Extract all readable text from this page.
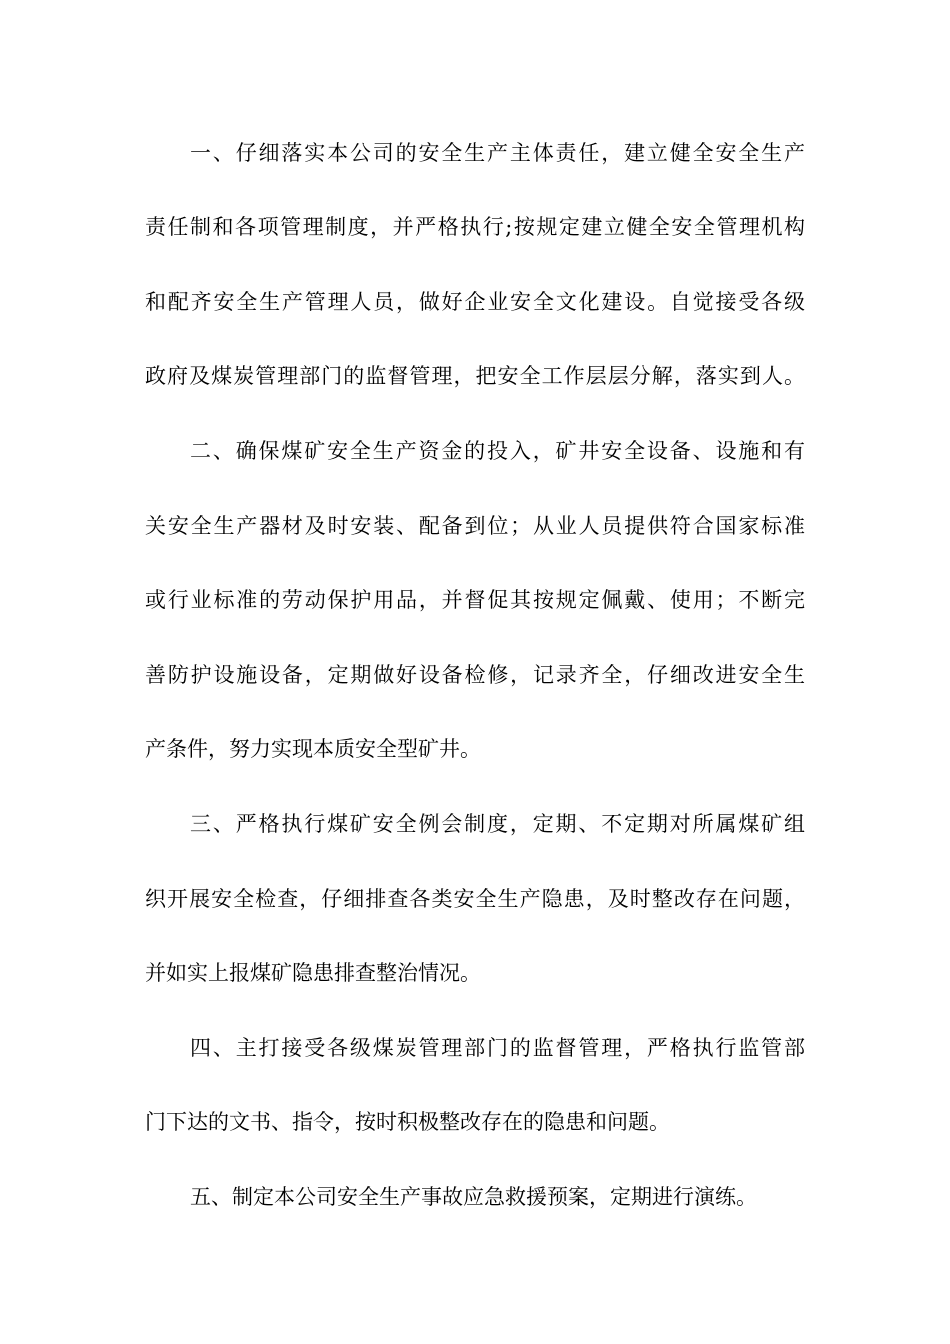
一、仔细落实本公司的安全生产主体责任，建立健全安全生产
责任制和各项管理制度，并严格执行;按规定建立健全安全管理机构
和配齐安全生产管理人员，做好企业安全文化建设。自觉接受各级
政府及煤炭管理部门的监督管理，把安全工作层层分解，落实到人。
二、确保煤矿安全生产资金的投入，矿井安全设备、设施和有
关安全生产器材及时安装、配备到位；从业人员提供符合国家标准
或行业标准的劳动保护用品，并督促其按规定佩戴、使用；不断完
善防护设施设备，定期做好设备检修，记录齐全，仔细改进安全生
产条件，努力实现本质安全型矿井。
三、严格执行煤矿安全例会制度，定期、不定期对所属煤矿组
织开展安全检查，仔细排查各类安全生产隐患，及时整改存在问题，
并如实上报煤矿隐患排查整治情况。
四、主打接受各级煤炭管理部门的监督管理，严格执行监管部
门下达的文书、指令，按时积极整改存在的隐患和问题。
五、制定本公司安全生产事故应急救援预案，定期进行演练。
